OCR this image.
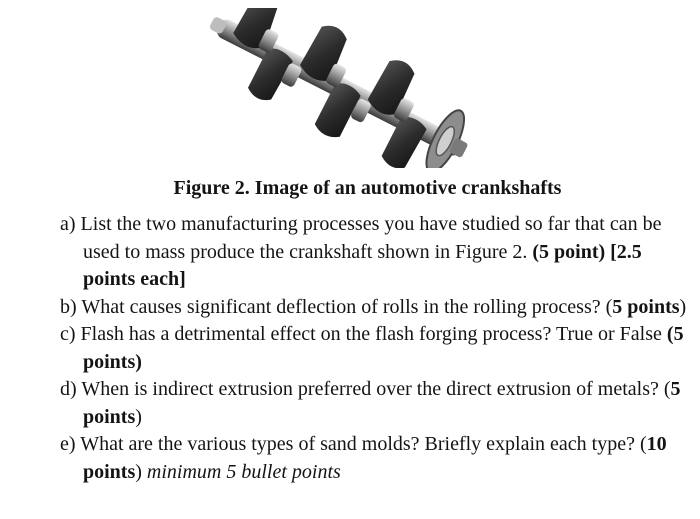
Figure 2. Image of an automotive crankshafts
a) List the two manufacturing processes you have studied so far that can be used to mass produce the crankshaft shown in Figure 2. (5 point) [2.5 points each]
b) What causes significant deflection of rolls in the rolling process? (5 points)
c) Flash has a detrimental effect on the flash forging process? True or False (5 points)
d) When is indirect extrusion preferred over the direct extrusion of metals? (5 points)
e) What are the various types of sand molds? Briefly explain each type? (10 points) minimum 5 bullet points
